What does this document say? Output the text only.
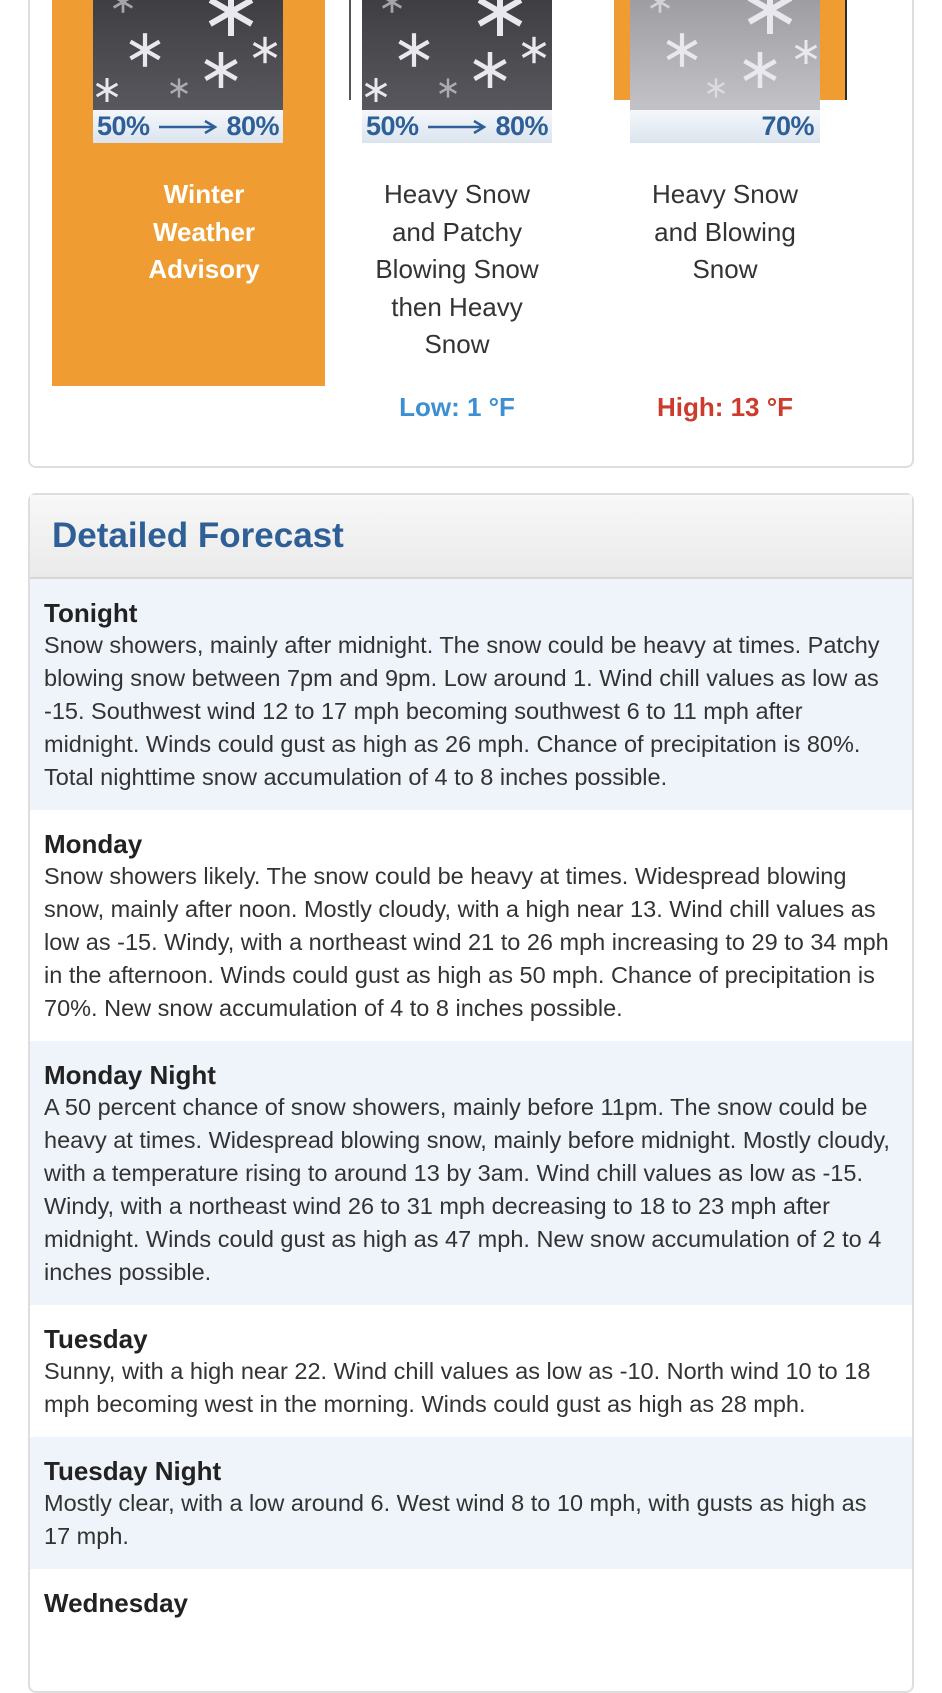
50%	80%	50%	80%	70%
Winter
Weather
Advisory
Heavy Snow
and Patchy
Blowing Snow
then Heavy
Snow
Heavy Snow
and Blowing
Snow
Low: 1 °F	High: 13 °F
Detailed Forecast
Tonight
Snow showers, mainly after midnight. The snow could be heavy at times. Patchy blowing snow between 7pm and 9pm. Low around 1. Wind chill values as low as -15. Southwest wind 12 to 17 mph becoming southwest 6 to 11 mph after midnight. Winds could gust as high as 26 mph. Chance of precipitation is 80%. Total nighttime snow accumulation of 4 to 8 inches possible.
Monday
Snow showers likely. The snow could be heavy at times. Widespread blowing snow, mainly after noon. Mostly cloudy, with a high near 13. Wind chill values as low as -15. Windy, with a northeast wind 21 to 26 mph increasing to 29 to 34 mph in the afternoon. Winds could gust as high as 50 mph. Chance of precipitation is 70%. New snow accumulation of 4 to 8 inches possible.
Monday Night
A 50 percent chance of snow showers, mainly before 11pm. The snow could be heavy at times. Widespread blowing snow, mainly before midnight. Mostly cloudy, with a temperature rising to around 13 by 3am. Wind chill values as low as -15. Windy, with a northeast wind 26 to 31 mph decreasing to 18 to 23 mph after midnight. Winds could gust as high as 47 mph. New snow accumulation of 2 to 4 inches possible.
Tuesday
Sunny, with a high near 22. Wind chill values as low as -10. North wind 10 to 18 mph becoming west in the morning. Winds could gust as high as 28 mph.
Tuesday Night
Mostly clear, with a low around 6. West wind 8 to 10 mph, with gusts as high as 17 mph.
Wednesday
